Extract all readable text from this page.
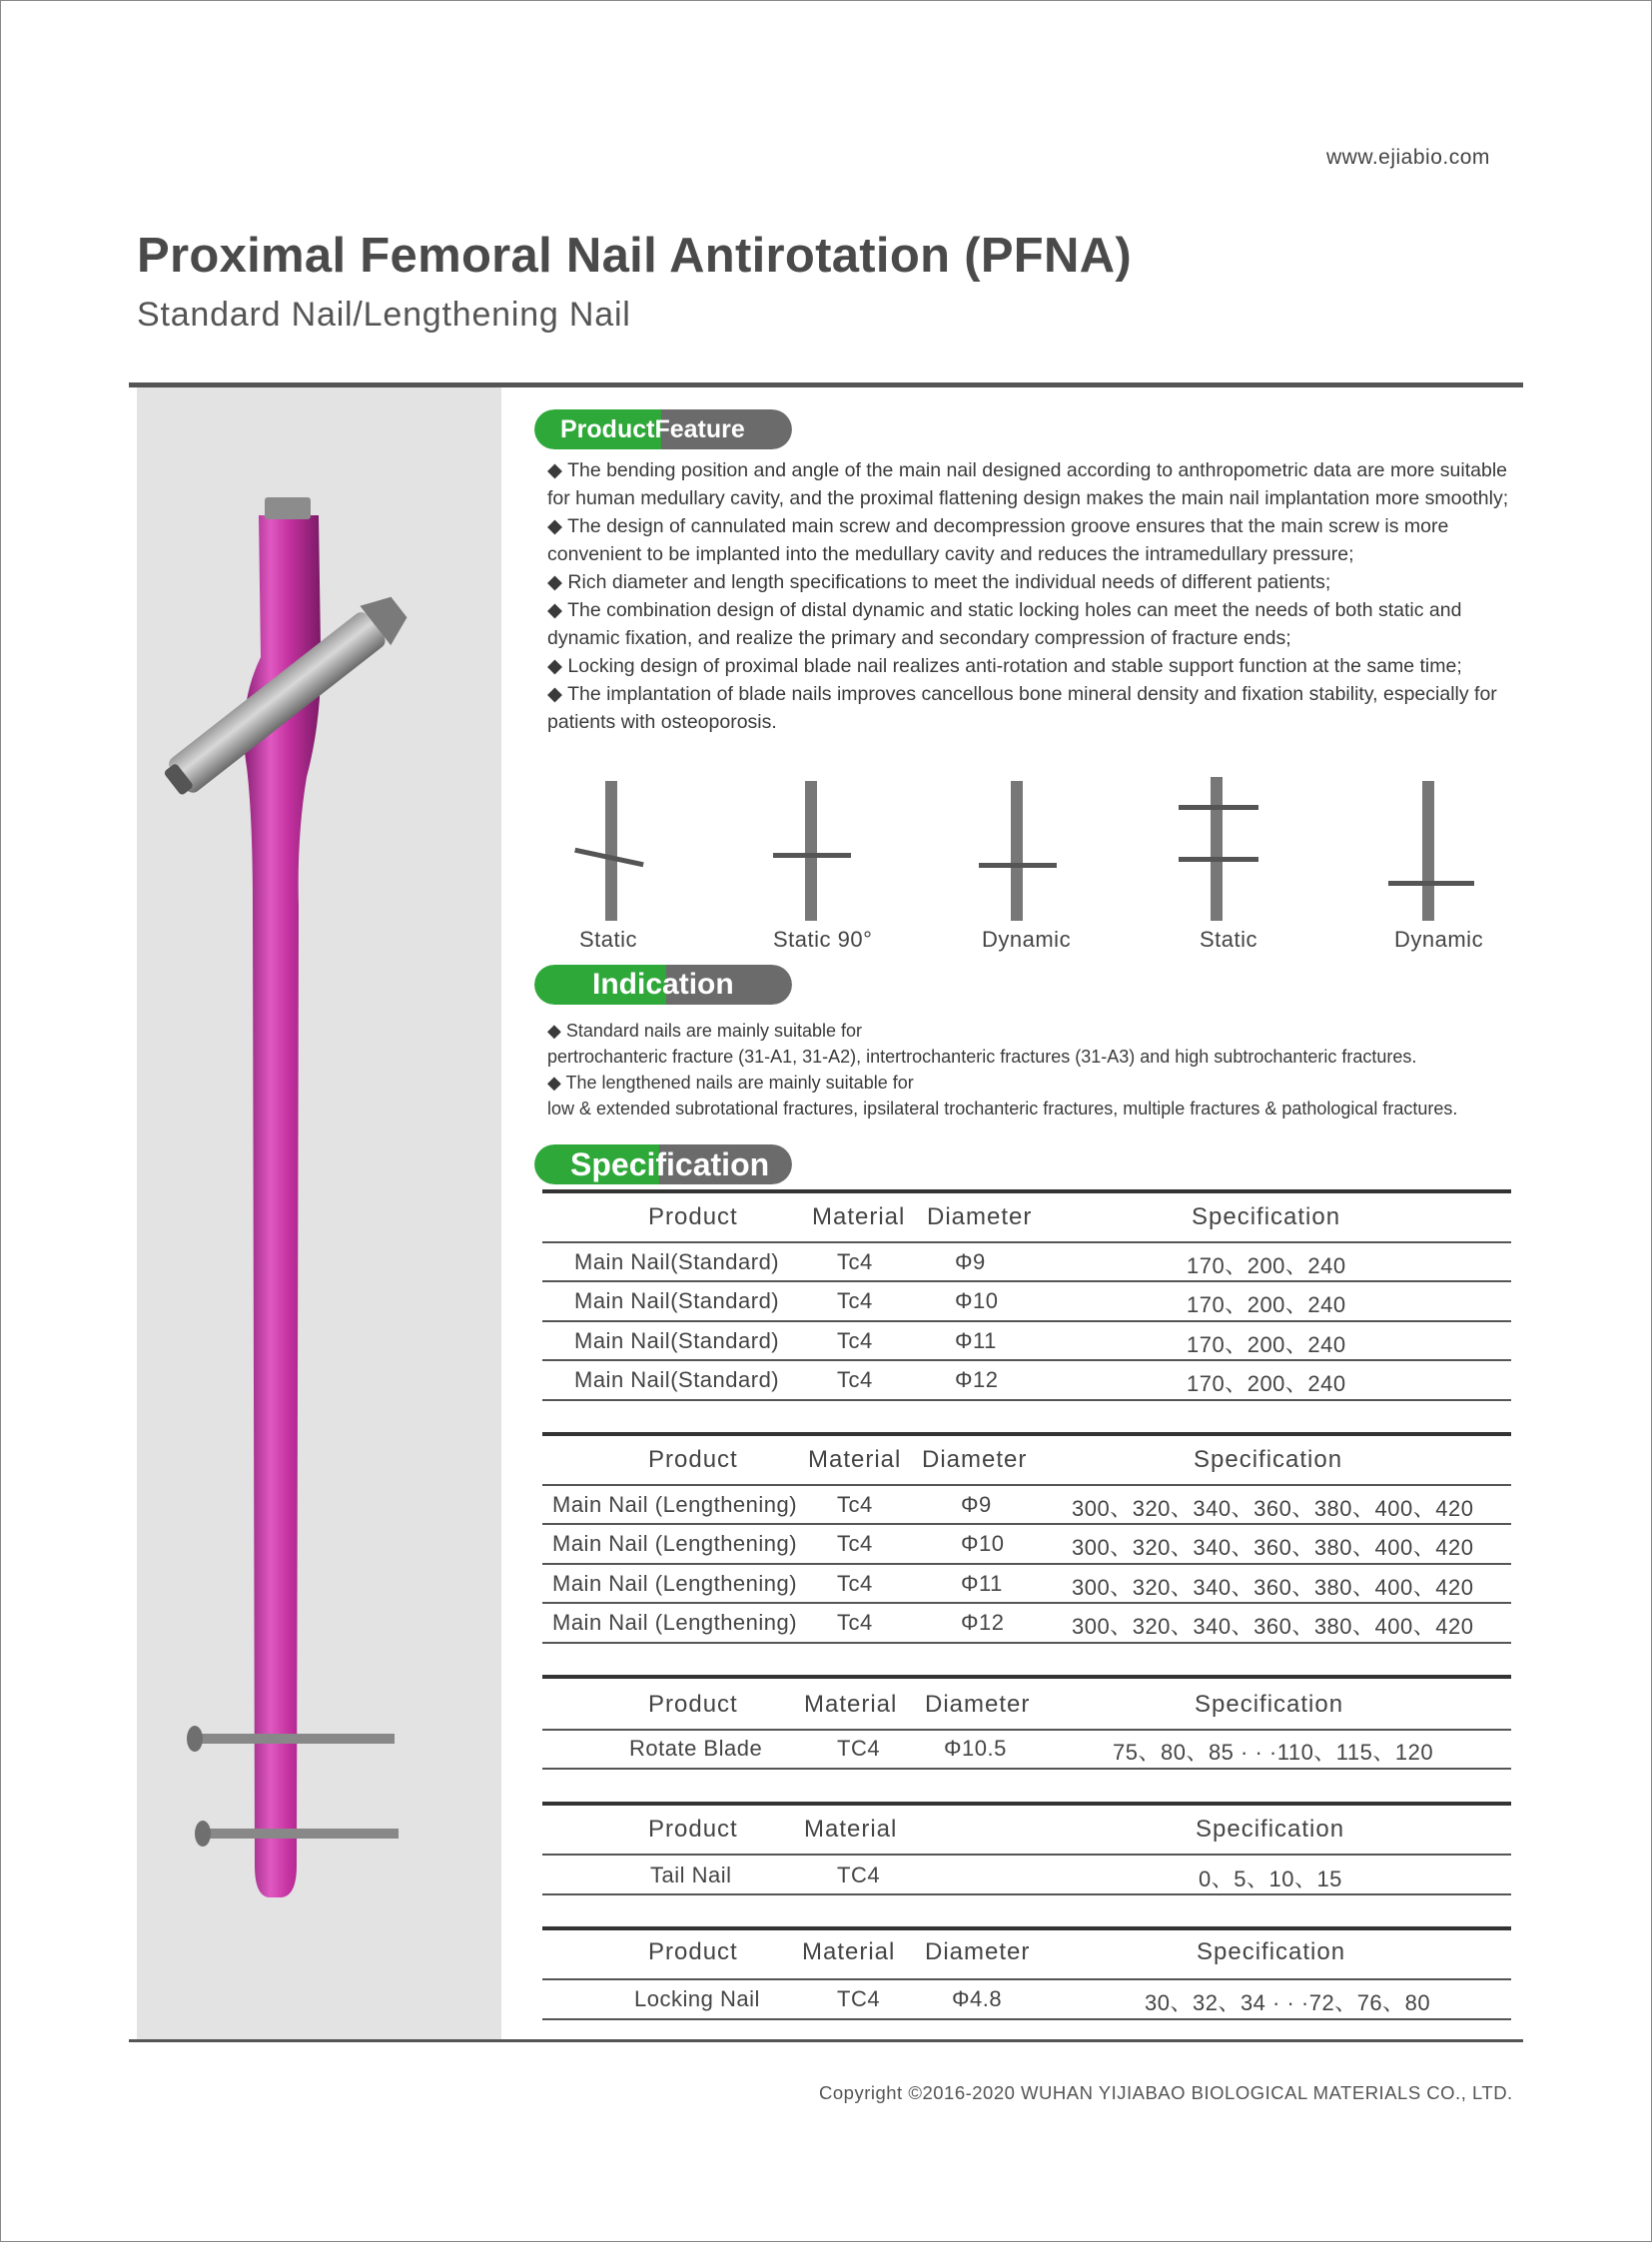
www.ejiabio.com
Proximal Femoral Nail Antirotation (PFNA)
Standard Nail/Lengthening Nail
ProductFeature

◆ The bending position and angle of the main nail designed according to anthropometric data are more suitable for human medullary cavity, and the proximal flattening design makes the main nail implantation more smoothly;

◆ The design of cannulated main screw and decompression groove ensures that the main screw is more convenient to be implanted into the medullary cavity and reduces the intramedullary pressure;

◆ Rich diameter and length specifications to meet the individual needs of different patients;

◆ The combination design of distal dynamic and static locking holes can meet the needs of both static and dynamic fixation, and realize the primary and secondary compression of fracture ends;

◆ Locking design of proximal blade nail realizes anti-rotation and stable support function at the same time;

◆ The implantation of blade nails improves cancellous bone mineral density and fixation stability, especially for patients with osteoporosis.

Static	Static 90°	Dynamic	Static	Dynamic
Indication

◆ Standard nails are mainly suitable for

pertrochanteric fracture (31-A1, 31-A2), intertrochanteric fractures (31-A3) and high subtrochanteric fractures.

◆ The lengthened nails are mainly suitable for

low & extended subrotational fractures, ipsilateral trochanteric fractures, multiple fractures & pathological fractures.

Specification
Product	Material Diameter	Specification
Main Nail(Standard)	Tc4	Φ9	170、200、240
Main Nail(Standard)	Tc4	Φ10	170、200、240
Main Nail(Standard)	Tc4	Φ11	170、200、240
Main Nail(Standard)	Tc4	Φ12	170、200、240
Product	Material Diameter	Specification
Main Nail (Lengthening) Tc4	Φ9	300、320、340、360、380、400、420
Main Nail (Lengthening) Tc4	Φ10	300、320、340、360、380、400、420
Main Nail (Lengthening) Tc4	Φ11	300、320、340、360、380、400、420
Main Nail (Lengthening) Tc4	Φ12	300、320、340、360、380、400、420
Product	Material Diameter	Specification
Rotate Blade	TC4	Φ10.5	75、80、85 · · ·110、115、120
Product	Material	Specification
Tail Nail	TC4	0、5、10、15
Product	Material Diameter	Specification
Locking Nail	TC4	Φ4.8	30、32、34 · · ·72、76、80
Copyright ©2016-2020 WUHAN YIJIABAO BIOLOGICAL MATERIALS CO., LTD.
